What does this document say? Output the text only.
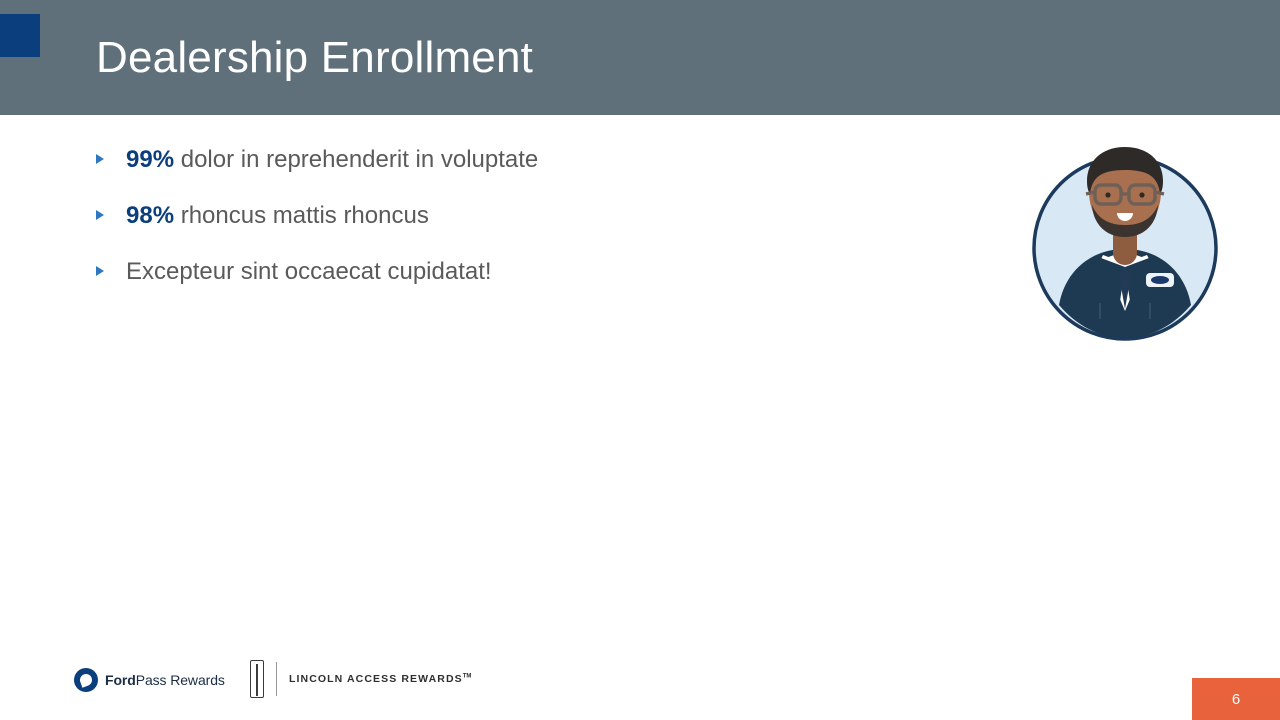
Dealership Enrollment
99% dolor in reprehenderit in voluptate
98% rhoncus mattis rhoncus
Excepteur sint occaecat cupidatat!
FordPass Rewards	LINCOLN ACCESS REWARDS™
6
